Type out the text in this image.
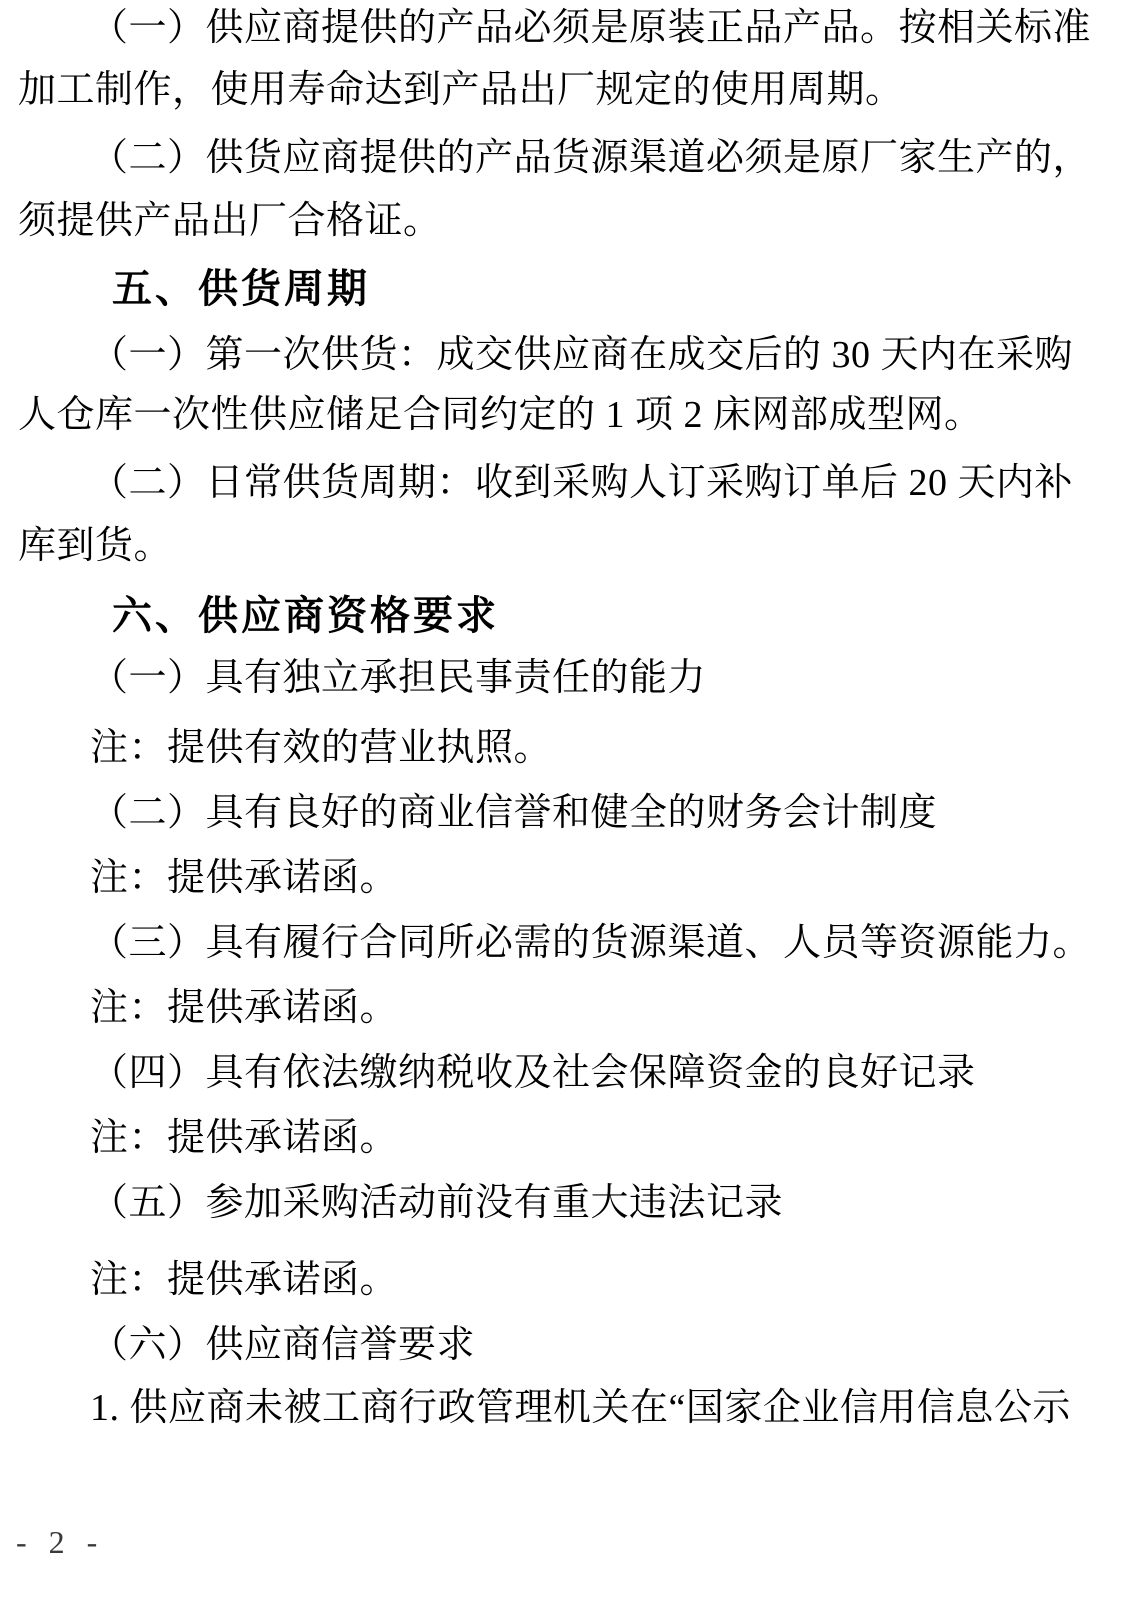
（一）供应商提供的产品必须是原装正品产品。按相关标准
加工制作，使用寿命达到产品出厂规定的使用周期。
（二）供货应商提供的产品货源渠道必须是原厂家生产的，
须提供产品出厂合格证。
五、供货周期
（一）第一次供货：成交供应商在成交后的 30 天内在采购
人仓库一次性供应储足合同约定的 1 项 2 床网部成型网。
（二）日常供货周期：收到采购人订采购订单后 20 天内补
库到货。
六、供应商资格要求
（一）具有独立承担民事责任的能力
注：提供有效的营业执照。
（二）具有良好的商业信誉和健全的财务会计制度
注：提供承诺函。
（三）具有履行合同所必需的货源渠道、人员等资源能力。
注：提供承诺函。
（四）具有依法缴纳税收及社会保障资金的良好记录
注：提供承诺函。
（五）参加采购活动前没有重大违法记录
注：提供承诺函。
（六）供应商信誉要求
1. 供应商未被工商行政管理机关在“国家企业信用信息公示
- 2 -
